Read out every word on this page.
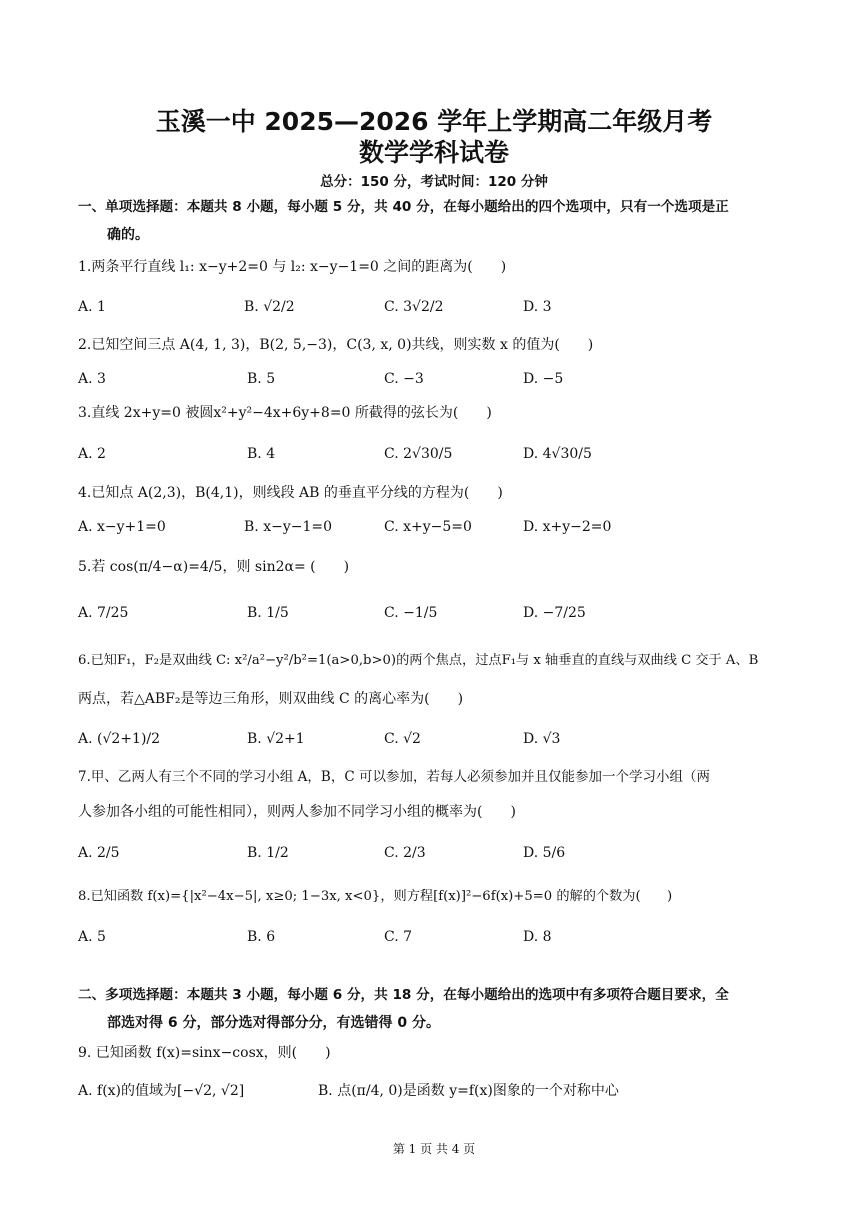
玉溪一中 2025—2026 学年上学期高二年级月考
数学学科试卷
总分：150 分，考试时间：120 分钟
一、单项选择题：本题共 8 小题，每小题 5 分，共 40 分，在每小题给出的四个选项中，只有一个选项是正
确的。
1.两条平行直线 l₁: x−y+2=0 与 l₂: x−y−1=0 之间的距离为(　　)
A. 1	B. √2/2	C. 3√2/2	D. 3
2.已知空间三点 A(4, 1, 3)，B(2, 5,−3)，C(3, x, 0)共线，则实数 x 的值为(　　)
A. 3	B. 5	C. −3	D. −5
3.直线 2x+y=0 被圆x²+y²−4x+6y+8=0 所截得的弦长为(　　)
A. 2	B. 4	C. 2√30/5	D. 4√30/5
4.已知点 A(2,3)，B(4,1)，则线段 AB 的垂直平分线的方程为(　　)
A. x−y+1=0	B. x−y−1=0	C. x+y−5=0	D. x+y−2=0
5.若 cos(π/4−α)=4/5，则 sin2α= (　　)
A. 7/25	B. 1/5	C. −1/5	D. −7/25
6.已知F₁，F₂是双曲线 C: x²/a²−y²/b²=1(a>0,b>0)的两个焦点，过点F₁与 x 轴垂直的直线与双曲线 C 交于 A、B
两点，若△ABF₂是等边三角形，则双曲线 C 的离心率为(　　)
A. (√2+1)/2	B. √2+1	C. √2	D. √3
7.甲、乙两人有三个不同的学习小组 A，B，C 可以参加，若每人必须参加并且仅能参加一个学习小组（两
人参加各小组的可能性相同），则两人参加不同学习小组的概率为(　　)
A. 2/5	B. 1/2	C. 2/3	D. 5/6
8.已知函数 f(x)={|x²−4x−5|, x≥0; 1−3x, x<0}，则方程[f(x)]²−6f(x)+5=0 的解的个数为(　　)
A. 5	B. 6	C. 7	D. 8
二、多项选择题：本题共 3 小题，每小题 6 分，共 18 分，在每小题给出的选项中有多项符合题目要求，全
部选对得 6 分，部分选对得部分分，有选错得 0 分。
9. 已知函数 f(x)=sinx−cosx，则(　　)
A. f(x)的值域为[−√2, √2]	B. 点(π/4, 0)是函数 y=f(x)图象的一个对称中心
第 1 页 共 4 页
